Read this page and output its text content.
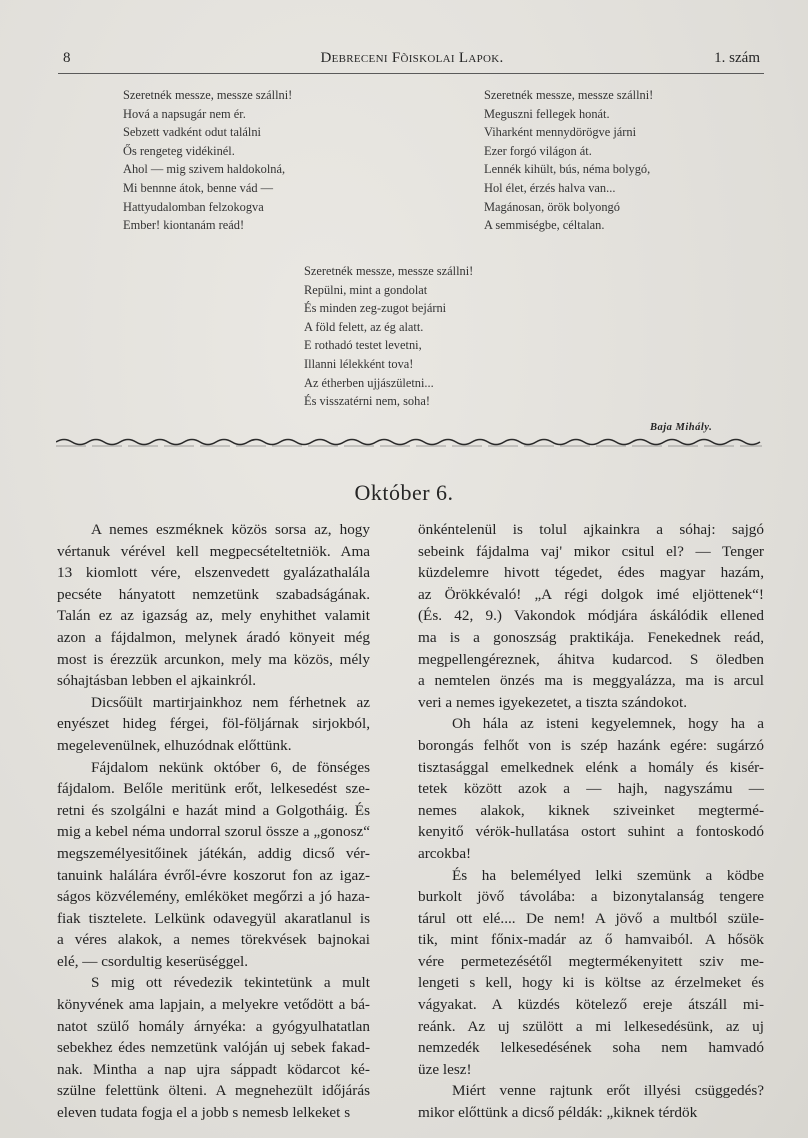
8	Debreceni Fõiskolai Lapok.	1. szám
Szeretnék messze, messze szállni!
Hová a napsugár nem ér.
Sebzett vadként odut találni
Ős rengeteg vidékinél.
Ahol — mig szivem haldokolná,
Mi bennne átok, benne vád —
Hattyudalomban felzokogva
Ember! kiontanám reád!
Szeretnék messze, messze szállni!
Meguszni fellegek honát.
Viharként mennydörögve járni
Ezer forgó világon át.
Lennék kihült, bús, néma bolygó,
Hol élet, érzés halva van...
Magánosan, örök bolyongó
A semmiségbe, céltalan.
Szeretnék messze, messze szállni!
Repülni, mint a gondolat
És minden zeg-zugot bejárni
A föld felett, az ég alatt.
E rothadó testet levetni,
Illanni lélekként tova!
Az étherben ujjászületni...
És visszatérni nem, soha!
Baja Mihály.
Október 6.

A nemes eszméknek közös sorsa az, hogy
vértanuk vérével kell megpecsételtetniök. Ama
13 kiomlott vére, elszenvedett gyalázathalála
pecséte hányatott nemzetünk szabadságának.
Talán ez az igazság az, mely enyhithet valamit
azon a fájdalmon, melynek áradó könyeit még
most is érezzük arcunkon, mely ma közös, mély
sóhajtásban lebben el ajkainkról.

Dicsőült martirjainkhoz nem férhetnek az
enyészet hideg férgei, föl-följárnak sirjokból,
megelevenülnek, elhuzódnak előttünk.

Fájdalom nekünk október 6, de fönséges
fájdalom. Belőle meritünk erőt, lelkesedést sze-
retni és szolgálni e hazát mind a Golgotháig. És
mig a kebel néma undorral szorul össze a „gonosz“
megszemélyesitőinek játékán, addig dicső vér-
tanuink halálára évről-évre koszorut fon az igaz-
ságos közvélemény, emléköket megőrzi a jó haza-
fiak tisztelete. Lelkünk odavegyül akaratlanul is
a véres alakok, a nemes törekvések bajnokai
elé, — csordultig keserüséggel.

S mig ott révedezik tekintetünk a mult
könyvének ama lapjain, a melyekre vetődött a bá-
natot szülő homály árnyéka: a gyógyulhatatlan
sebekhez édes nemzetünk valóján uj sebek fakad-
nak. Mintha a nap ujra sáppadt ködarcot ké-
szülne felettünk ölteni. A megnehezült időjárás
eleven tudata fogja el a jobb s nemesb lelkeket s

önkéntelenül is tolul ajkainkra a sóhaj: sajgó
sebeink fájdalma vaj' mikor csitul el? — Tenger
küzdelemre hivott tégedet, édes magyar hazám,
az Örökkévaló! „A régi dolgok imé eljöttenek“!
(És. 42, 9.) Vakondok módjára áskálódik ellened
ma is a gonoszság praktikája. Fenekednek reád,
megpellengéreznek, áhitva kudarcod. S öledben
a nemtelen önzés ma is meggyalázza, ma is arcul
veri a nemes igyekezetet, a tiszta szándokot.

Oh hála az isteni kegyelemnek, hogy ha a
borongás felhőt von is szép hazánk egére: sugárzó
tisztasággal emelkednek elénk a homály és kisér-
tetek között azok a — hajh, nagyszámu —
nemes alakok, kiknek sziveinket megtermé-
kenyitő vérök-hullatása ostort suhint a fontoskodó
arcokba!

És ha belemélyed lelki szemünk a ködbe
burkolt jövő távolába: a bizonytalanság tengere
tárul ott elé.... De nem! A jövő a multból szüle-
tik, mint főnix-madár az ő hamvaiból. A hősök
vére permetezésétől megtermékenyitett sziv me-
lengeti s kell, hogy ki is költse az érzelmeket és
vágyakat. A küzdés kötelező ereje átszáll mi-
reánk. Az uj szülött a mi lelkesedésünk, az uj
nemzedék lelkesedésének soha nem hamvadó
üze lesz!

Miért venne rajtunk erőt illyési csüggedés?
mikor előttünk a dicső példák: „kiknek térdök
